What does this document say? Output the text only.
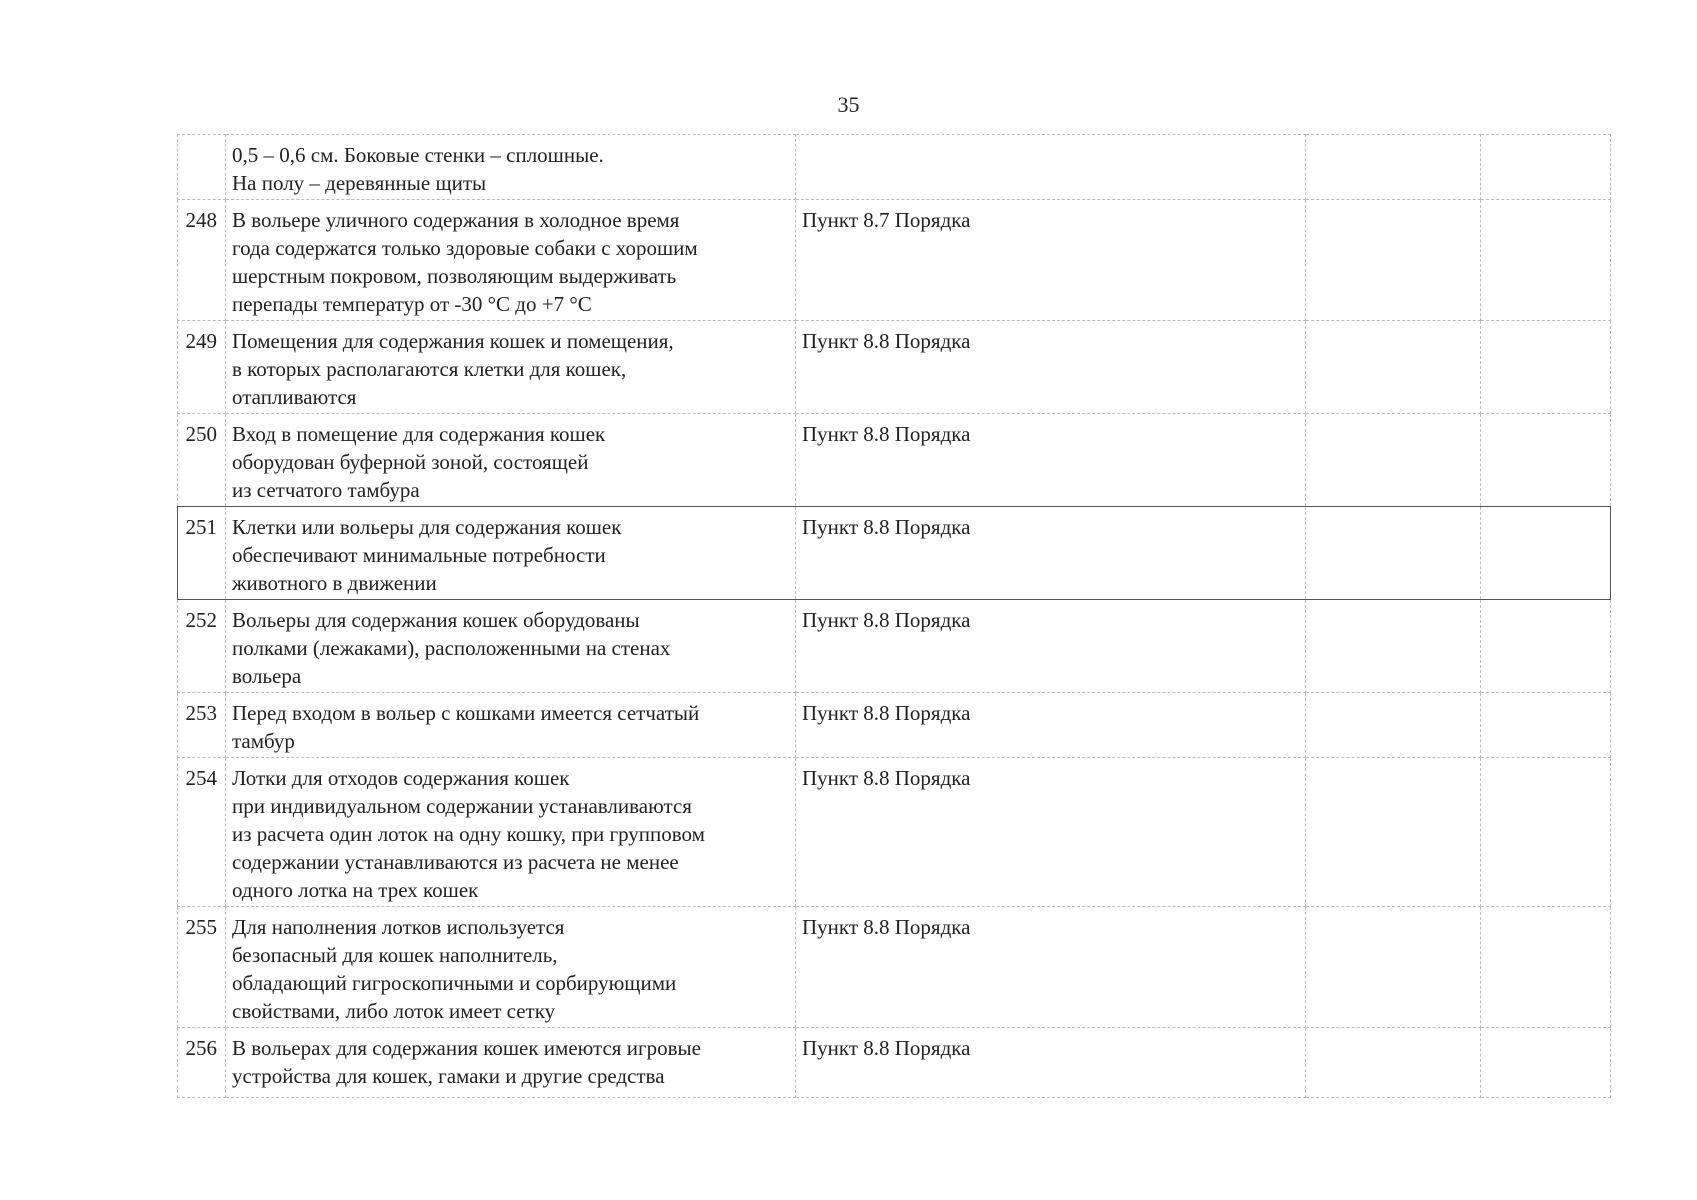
35

	0,5 – 0,6 см. Боковые стенки – сплошные.
На полу – деревянные щиты			

248	В вольере уличного содержания в холодное время
года содержатся только здоровые собаки с хорошим
шерстным покровом, позволяющим выдерживать
перепады температур от -30 °С до +7 °С	Пункт 8.7 Порядка		
249	Помещения для содержания кошек и помещения,
в которых располагаются клетки для кошек,
отапливаются	Пункт 8.8 Порядка		
250	Вход в помещение для содержания кошек
оборудован буферной зоной, состоящей
из сетчатого тамбура	Пункт 8.8 Порядка		
251	Клетки или вольеры для содержания кошек
обеспечивают минимальные потребности
животного в движении	Пункт 8.8 Порядка		
252	Вольеры для содержания кошек оборудованы
полками (лежаками), расположенными на стенах
вольера	Пункт 8.8 Порядка		
253	Перед входом в вольер с кошками имеется сетчатый
тамбур	Пункт 8.8 Порядка		
254	Лотки для отходов содержания кошек
при индивидуальном содержании устанавливаются
из расчета один лоток на одну кошку, при групповом
содержании устанавливаются из расчета не менее
одного лотка на трех кошек	Пункт 8.8 Порядка		
255	Для наполнения лотков используется
безопасный для кошек наполнитель,
обладающий гигроскопичными и сорбирующими
свойствами, либо лоток имеет сетку	Пункт 8.8 Порядка		
256	В вольерах для содержания кошек имеются игровые
устройства для кошек, гамаки и другие средства	Пункт 8.8 Порядка		
